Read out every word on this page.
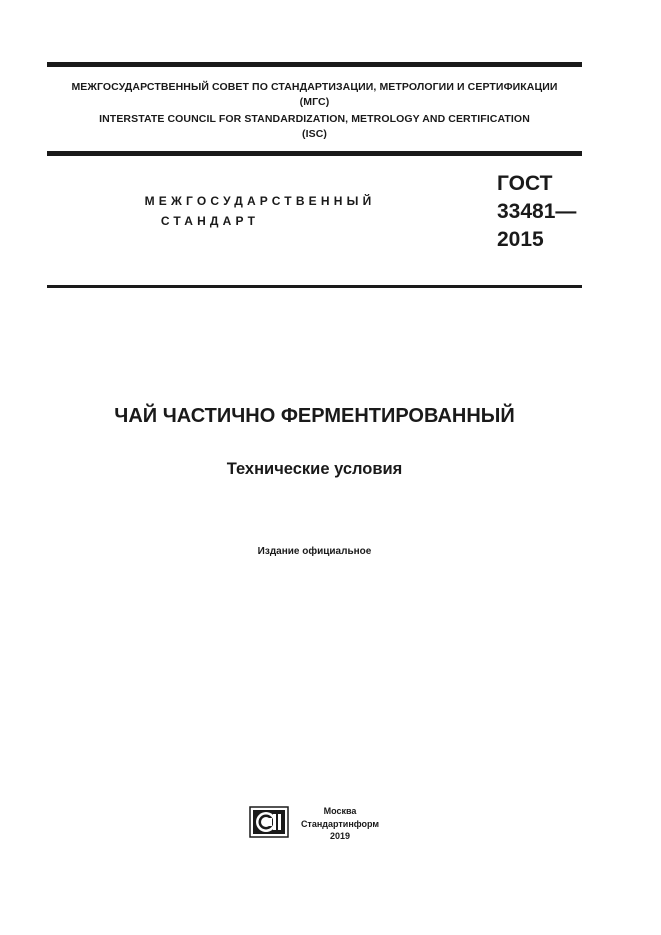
МЕЖГОСУДАРСТВЕННЫЙ СОВЕТ ПО СТАНДАРТИЗАЦИИ, МЕТРОЛОГИИ И СЕРТИФИКАЦИИ
(МГС)
INTERSTATE COUNCIL FOR STANDARDIZATION, METROLOGY AND CERTIFICATION
(ISC)
МЕЖГОСУДАРСТВЕННЫЙ
СТАНДАРТ
ГОСТ
33481—
2015
ЧАЙ ЧАСТИЧНО ФЕРМЕНТИРОВАННЫЙ
Технические условия
Издание официальное
Москва
Стандартинформ
2019
